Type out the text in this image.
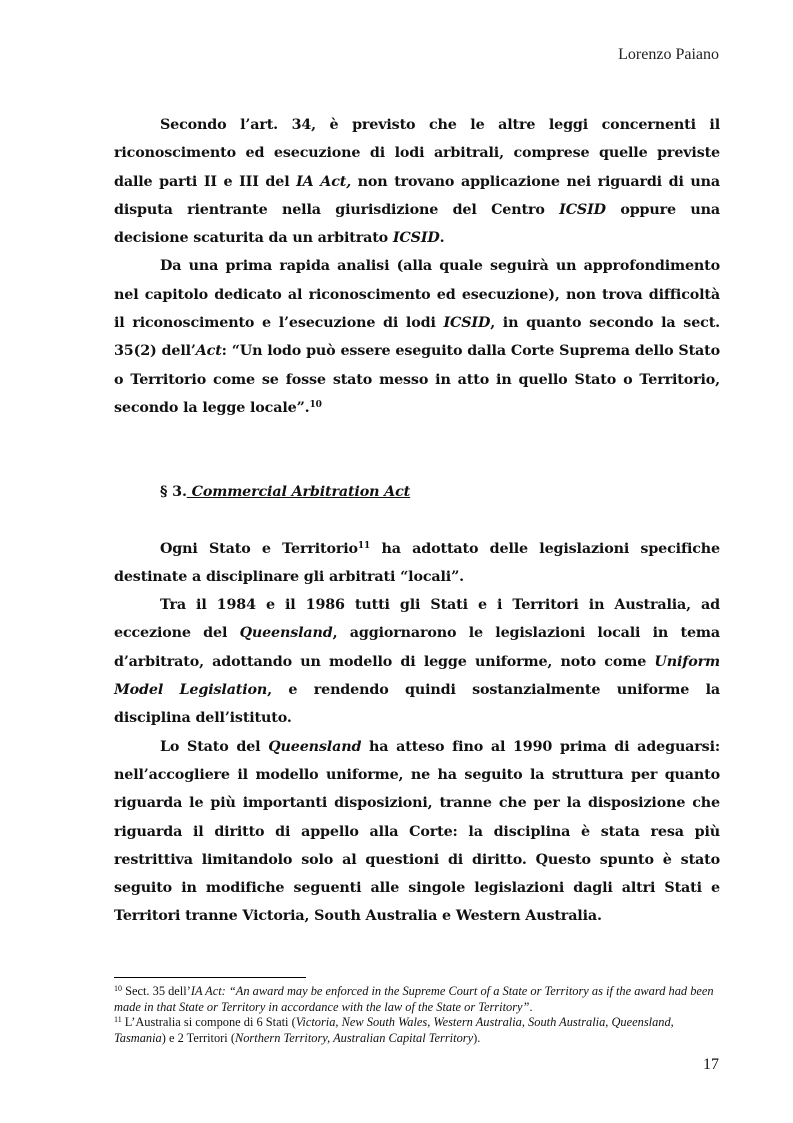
Lorenzo Paiano

Secondo l’art. 34, è previsto che le altre leggi concernenti il riconoscimento ed esecuzione di lodi arbitrali, comprese quelle previste dalle parti II e III del IA Act, non trovano applicazione nei riguardi di una disputa rientrante nella giurisdizione del Centro ICSID oppure una decisione scaturita da un arbitrato ICSID.

Da una prima rapida analisi (alla quale seguirà un approfondimento nel capitolo dedicato al riconoscimento ed esecuzione), non trova difficoltà il riconoscimento e l’esecuzione di lodi ICSID, in quanto secondo la sect. 35(2) dell’Act: “Un lodo può essere eseguito dalla Corte Suprema dello Stato o Territorio come se fosse stato messo in atto in quello Stato o Territorio, secondo la legge locale”.$^{10}$

§ 3. Commercial Arbitration Act

Ogni Stato e Territorio$^{11}$ ha adottato delle legislazioni specifiche destinate a disciplinare gli arbitrati “locali”.

Tra il 1984 e il 1986 tutti gli Stati e i Territori in Australia, ad eccezione del Queensland, aggiornarono le legislazioni locali in tema d’arbitrato, adottando un modello di legge uniforme, noto come Uniform Model Legislation, e rendendo quindi sostanzialmente uniforme la disciplina dell’istituto.

Lo Stato del Queensland ha atteso fino al 1990 prima di adeguarsi: nell’accogliere il modello uniforme, ne ha seguito la struttura per quanto riguarda le più importanti disposizioni, tranne che per la disposizione che riguarda il diritto di appello alla Corte: la disciplina è stata resa più restrittiva limitandolo solo al questioni di diritto. Questo spunto è stato seguito in modifiche seguenti alle singole legislazioni dagli altri Stati e Territori tranne Victoria, South Australia e Western Australia.

$^{10}$ Sect. 35 dell’IA Act: “An award may be enforced in the Supreme Court of a State or Territory as if the award had been made in that State or Territory in accordance with the law of the State or Territory”.

$^{11}$ L’Australia si compone di 6 Stati (Victoria, New South Wales, Western Australia, South Australia, Queensland, Tasmania) e 2 Territori (Northern Territory, Australian Capital Territory).

17
